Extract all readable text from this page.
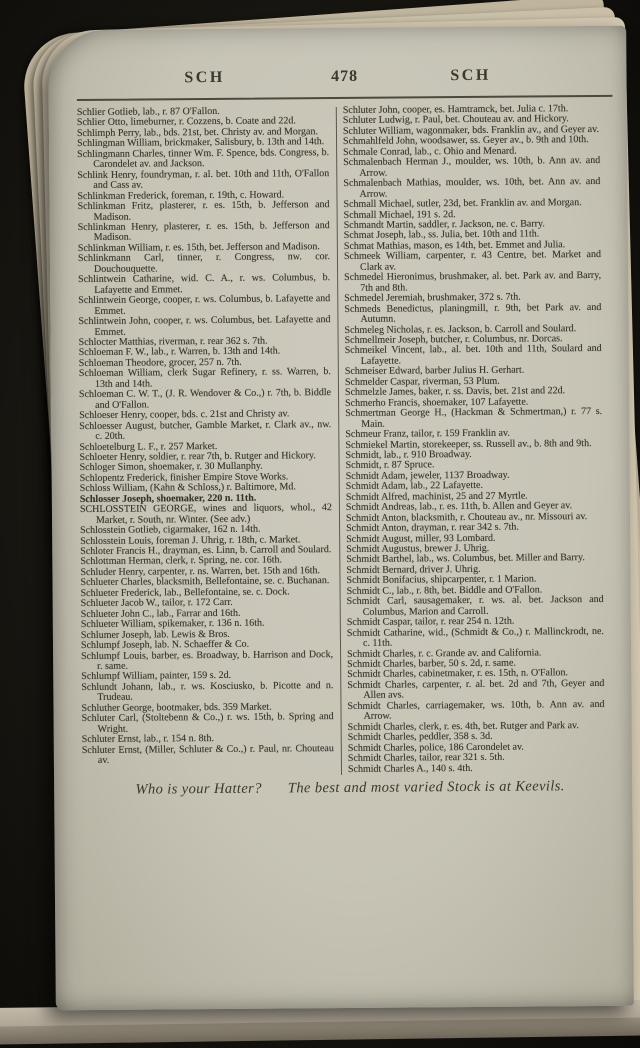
SCH	478	SCH
Schlier Gotlieb, lab., r. 87 O'Fallon.
Schlier Otto, limeburner, r. Cozzens, b. Coate and 22d.
Schlimph Perry, lab., bds. 21st, bet. Christy av. and Morgan.
Schlingman William, brickmaker, Salisbury, b. 13th and 14th.
Schlingmann Charles, tinner Wm. F. Spence, bds. Congress, b. Carondelet av. and Jackson.
Schlink Henry, foundryman, r. al. bet. 10th and 11th, O'Fallon and Cass av.
Schlinkman Frederick, foreman, r. 19th, c. Howard.
Schlinkman Fritz, plasterer, r. es. 15th, b. Jefferson and Madison.
Schlinkman Henry, plasterer, r. es. 15th, b. Jefferson and Madison.
Schlinkman William, r. es. 15th, bet. Jefferson and Madison.
Schlinkmann Carl, tinner, r. Congress, nw. cor. Douchouquette.
Schlintwein Catharine, wid. C. A., r. ws. Columbus, b. Lafayette and Emmet.
Schlintwein George, cooper, r. ws. Columbus, b. Lafayette and Emmet.
Schlintwein John, cooper, r. ws. Columbus, bet. Lafayette and Emmet.
Schlocter Matthias, riverman, r. rear 362 s. 7th.
Schloeman F. W., lab., r. Warren, b. 13th and 14th.
Schloeman Theodore, grocer, 257 n. 7th.
Schloeman William, clerk Sugar Refinery, r. ss. Warren, b. 13th and 14th.
Schloeman C. W. T., (J. R. Wendover & Co.,) r. 7th, b. Biddle and O'Fallon.
Schloeser Henry, cooper, bds. c. 21st and Christy av.
Schloesser August, butcher, Gamble Market, r. Clark av., nw. c. 20th.
Schloetelburg L. F., r. 257 Market.
Schloeter Henry, soldier, r. rear 7th, b. Rutger and Hickory.
Schloger Simon, shoemaker, r. 30 Mullanphy.
Schlopentz Frederick, finisher Empire Stove Works.
Schloss William, (Kahn & Schloss,) r. Baltimore, Md.
Schlosser Joseph, shoemaker, 220 n. 11th.
SCHLOSSTEIN GEORGE, wines and liquors, whol., 42 Market, r. South, nr. Winter. (See adv.)
Schlosstein Gotlieb, cigarmaker, 162 n. 14th.
Schlosstein Louis, foreman J. Uhrig, r. 18th, c. Market.
Schloter Francis H., drayman, es. Linn, b. Carroll and Soulard.
Schlottman Herman, clerk, r. Spring, ne. cor. 16th.
Schluder Henry, carpenter, r. ns. Warren, bet. 15th and 16th.
Schlueter Charles, blacksmith, Bellefontaine, se. c. Buchanan.
Schlueter Frederick, lab., Bellefontaine, se. c. Dock.
Schlueter Jacob W., tailor, r. 172 Carr.
Schlueter John C., lab., Farrar and 16th.
Schlueter William, spikemaker, r. 136 n. 16th.
Schlumer Joseph, lab. Lewis & Bros.
Schlumpf Joseph, lab. N. Schaeffer & Co.
Schlumpf Louis, barber, es. Broadway, b. Harrison and Dock, r. same.
Schlumpf William, painter, 159 s. 2d.
Schlundt Johann, lab., r. ws. Kosciusko, b. Picotte and n. Trudeau.
Schluther George, bootmaker, bds. 359 Market.
Schluter Carl, (Stoltebenn & Co.,) r. ws. 15th, b. Spring and Wright.
Schluter Ernst, lab., r. 154 n. 8th.
Schluter Ernst, (Miller, Schluter & Co.,) r. Paul, nr. Chouteau av.
Schluter John, cooper, es. Hamtramck, bet. Julia c. 17th.
Schluter Ludwig, r. Paul, bet. Chouteau av. and Hickory.
Schluter William, wagonmaker, bds. Franklin av., and Geyer av.
Schmahlfeld John, woodsawer, ss. Geyer av., b. 9th and 10th.
Schmale Conrad, lab., c. Ohio and Menard.
Schmalenbach Herman J., moulder, ws. 10th, b. Ann av. and Arrow.
Schmalenbach Mathias, moulder, ws. 10th, bet. Ann av. and Arrow.
Schmall Michael, sutler, 23d, bet. Franklin av. and Morgan.
Schmall Michael, 191 s. 2d.
Schmandt Martin, saddler, r. Jackson, ne. c. Barry.
Schmat Joseph, lab., ss. Julia, bet. 10th and 11th.
Schmat Mathias, mason, es 14th, bet. Emmet and Julia.
Schmeek William, carpenter, r. 43 Centre, bet. Market and Clark av.
Schmedel Hieronimus, brushmaker, al. bet. Park av. and Barry, 7th and 8th.
Schmedel Jeremiah, brushmaker, 372 s. 7th.
Schmeds Benedictus, planingmill, r. 9th, bet Park av. and Autumn.
Schmeleg Nicholas, r. es. Jackson, b. Carroll and Soulard.
Schmellmeir Joseph, butcher, r. Columbus, nr. Dorcas.
Schmeikel Vincent, lab., al. bet. 10th and 11th, Soulard and Lafayette.
Schmeiser Edward, barber Julius H. Gerhart.
Schmelder Caspar, riverman, 53 Plum.
Schmelzle James, baker, r. ss. Davis, bet. 21st and 22d.
Schmerho Francis, shoemaker, 107 Lafayette.
Schmertman George H., (Hackman & Schmertman,) r. 77 s. Main.
Schmeur Franz, tailor, r. 159 Franklin av.
Schmiekel Martin, storekeeper, ss. Russell av., b. 8th and 9th.
Schmidt, lab., r. 910 Broadway.
Schmidt, r. 87 Spruce.
Schmidt Adam, jeweler, 1137 Broadway.
Schmidt Adam, lab., 22 Lafayette.
Schmidt Alfred, machinist, 25 and 27 Myrtle.
Schmidt Andreas, lab., r. es. 11th, b. Allen and Geyer av.
Schmidt Anton, blacksmith, r. Chouteau av., nr. Missouri av.
Schmidt Anton, drayman, r. rear 342 s. 7th.
Schmidt August, miller, 93 Lombard.
Schmidt Augustus, brewer J. Uhrig.
Schmidt Barthel, lab., ws. Columbus, bet. Miller and Barry.
Schmidt Bernard, driver J. Uhrig.
Schmidt Bonifacius, shipcarpenter, r. 1 Marion.
Schmidt C., lab., r. 8th, bet. Biddle and O'Fallon.
Schmidt Carl, sausagemaker, r. ws. al. bet. Jackson and Columbus, Marion and Carroll.
Schmidt Caspar, tailor, r. rear 254 n. 12th.
Schmidt Catharine, wid., (Schmidt & Co.,) r. Mallinckrodt, ne. c. 11th.
Schmidt Charles, r. c. Grande av. and California.
Schmidt Charles, barber, 50 s. 2d, r. same.
Schmidt Charles, cabinetmaker, r. es. 15th, n. O'Fallon.
Schmidt Charles, carpenter, r. al. bet. 2d and 7th, Geyer and Allen avs.
Schmidt Charles, carriagemaker, ws. 10th, b. Ann av. and Arrow.
Schmidt Charles, clerk, r. es. 4th, bet. Rutger and Park av.
Schmidt Charles, peddler, 358 s. 3d.
Schmidt Charles, police, 186 Carondelet av.
Schmidt Charles, tailor, rear 321 s. 5th.
Schmidt Charles A., 140 s. 4th.
Who is your Hatter? The best and most varied Stock is at Keevils.
